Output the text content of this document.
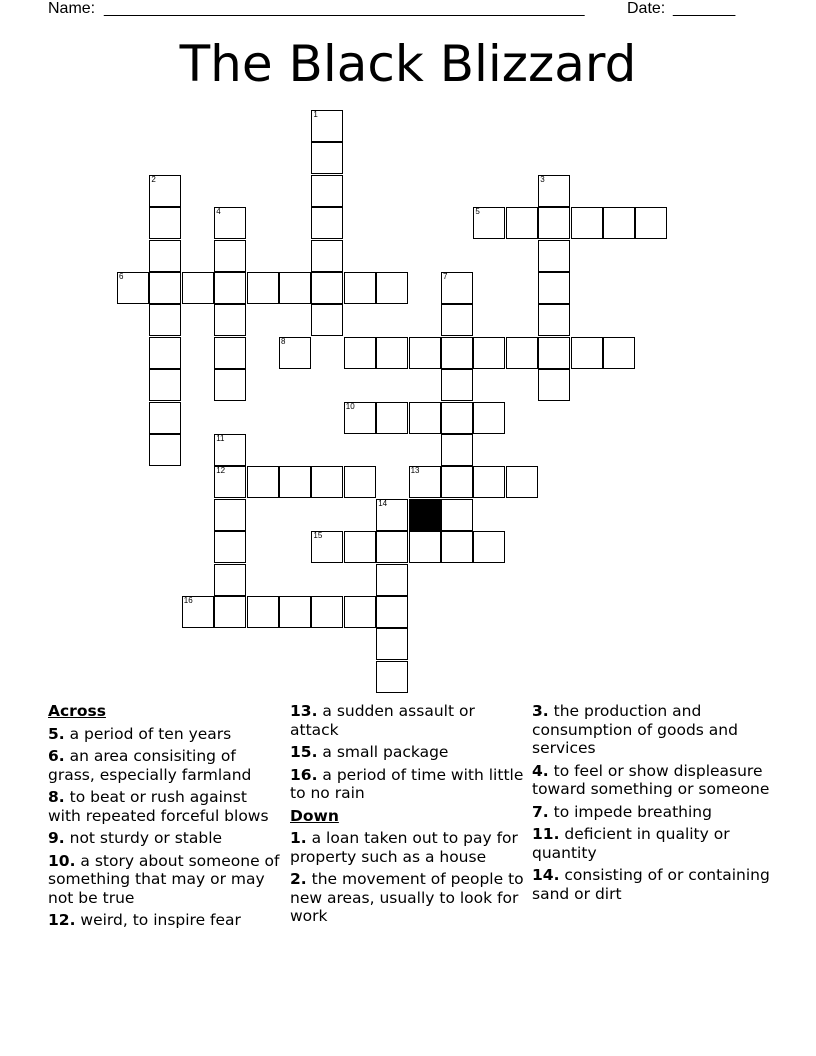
Name: ______________________________________________________	Date: _______
The Black Blizzard
1
2	3
4	5
6	7
8
10
11
12	13
14
15
16
Across
5. a period of ten years
6. an area consisiting of grass, especially farmland
8. to beat or rush against with repeated forceful blows
9. not sturdy or stable
10. a story about someone of something that may or may not be true
12. weird, to inspire fear
13. a sudden assault or attack
15. a small package
16. a period of time with little to no rain
Down
1. a loan taken out to pay for property such as a house
2. the movement of people to new areas, usually to look for work
3. the production and consumption of goods and services
4. to feel or show displeasure toward something or someone
7. to impede breathing
11. deficient in quality or quantity
14. consisting of or containing sand or dirt
